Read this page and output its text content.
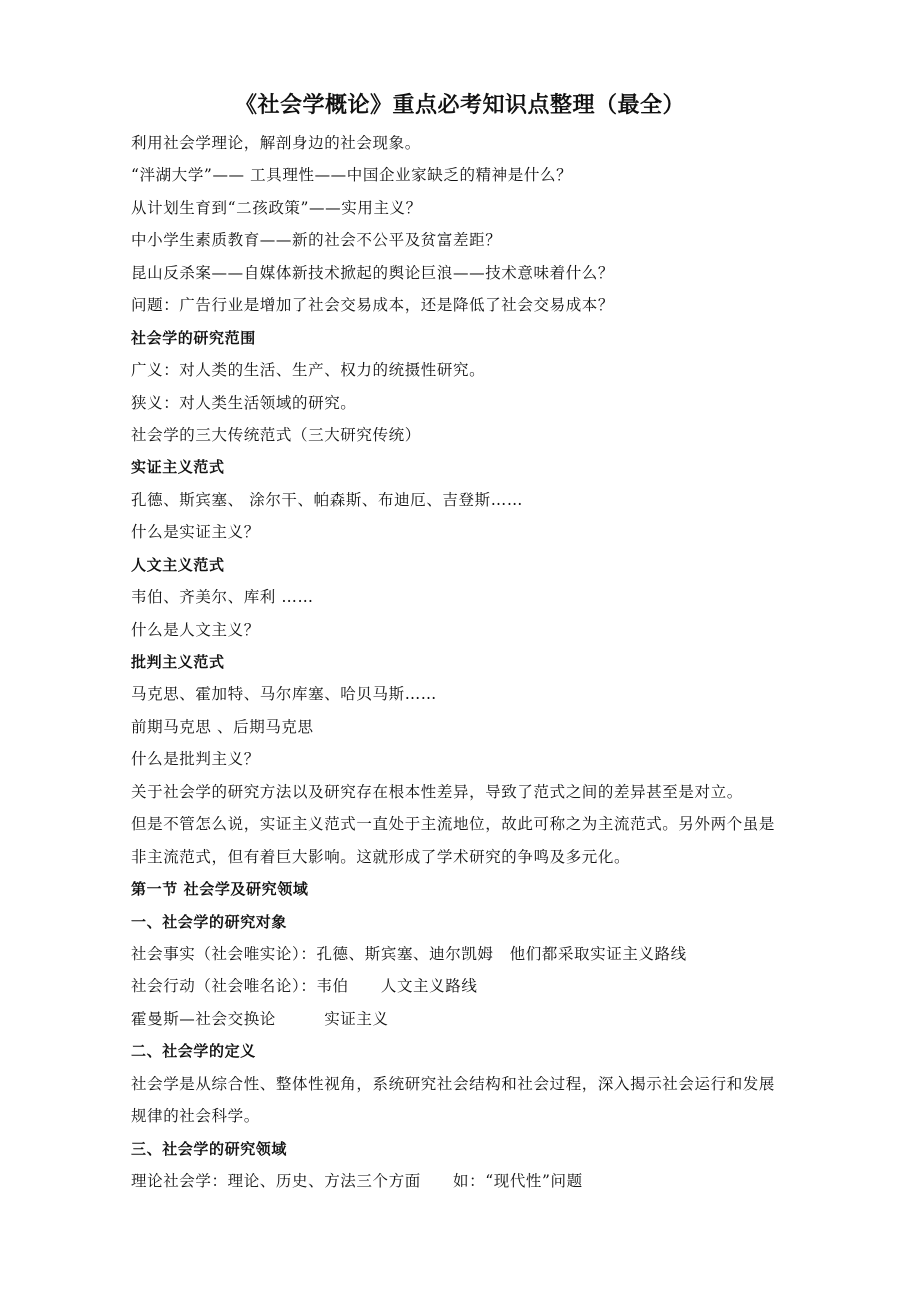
《社会学概论》重点必考知识点整理（最全）
利用社会学理论，解剖身边的社会现象。
“泮湖大学”—— 工具理性——中国企业家缺乏的精神是什么？
从计划生育到“二孩政策”——实用主义？
中小学生素质教育——新的社会不公平及贫富差距？
昆山反杀案——自媒体新技术掀起的舆论巨浪——技术意味着什么？
问题：广告行业是增加了社会交易成本，还是降低了社会交易成本？
社会学的研究范围
广义：对人类的生活、生产、权力的统摄性研究。
狭义：对人类生活领域的研究。
社会学的三大传统范式（三大研究传统）
实证主义范式
孔德、斯宾塞、 涂尔干、帕森斯、布迪厄、吉登斯……
什么是实证主义？
人文主义范式
韦伯、齐美尔、库利 ……
什么是人文主义？
批判主义范式
马克思、霍加特、马尔库塞、哈贝马斯……
前期马克思 、后期马克思
什么是批判主义？
关于社会学的研究方法以及研究存在根本性差异，导致了范式之间的差异甚至是对立。
但是不管怎么说，实证主义范式一直处于主流地位，故此可称之为主流范式。另外两个虽是
非主流范式，但有着巨大影响。这就形成了学术研究的争鸣及多元化。
第一节 社会学及研究领域
一、社会学的研究对象
社会事实（社会唯实论）：孔德、斯宾塞、迪尔凯姆　他们都采取实证主义路线
社会行动（社会唯名论）：韦伯　　人文主义路线
霍曼斯—社会交换论　　　实证主义
二、社会学的定义
社会学是从综合性、整体性视角，系统研究社会结构和社会过程，深入揭示社会运行和发展
规律的社会科学。
三、社会学的研究领域
理论社会学：理论、历史、方法三个方面　　如：“现代性”问题
